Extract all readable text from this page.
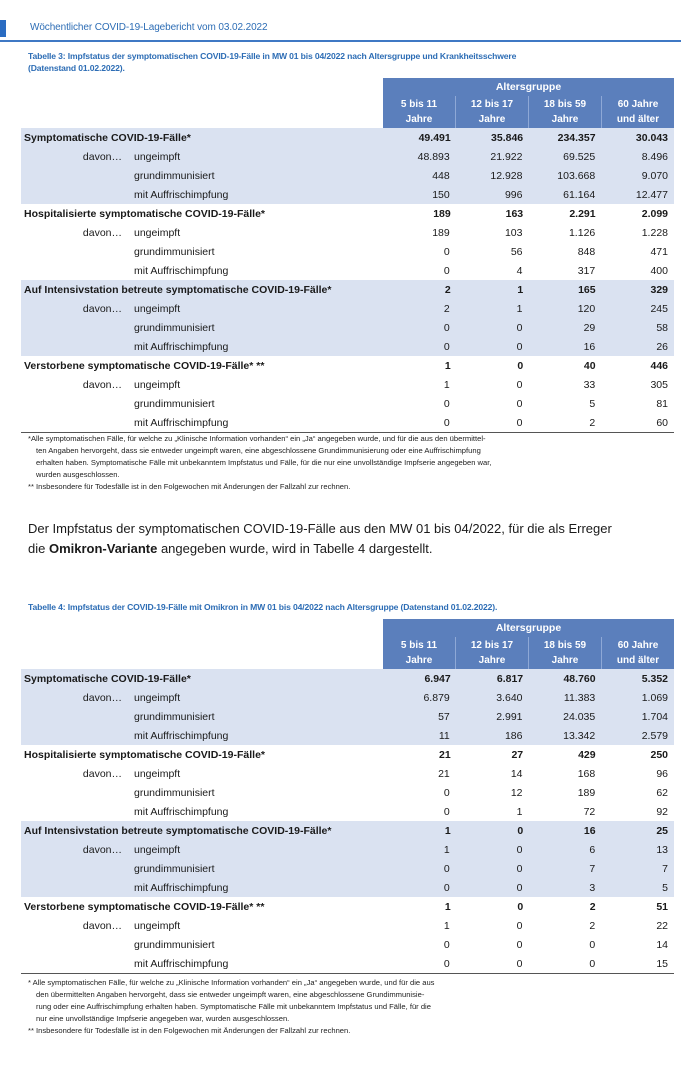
Wöchentlicher COVID-19-Lagebericht vom 03.02.2022
Tabelle 3: Impfstatus der symptomatischen COVID-19-Fälle in MW 01 bis 04/2022 nach Altersgruppe und Krankheitsschwere
(Datenstand 01.02.2022).
Altersgruppe
5 bis 11
Jahre
12 bis 17
Jahre
18 bis 59
Jahre
60 Jahre
und älter
Symptomatische COVID-19-Fälle*	49.491	35.846	234.357	30.043
davon… ungeimpft	48.893	21.922	69.525	8.496
grundimmunisiert	448	12.928	103.668	9.070
mit Auffrischimpfung	150	996	61.164	12.477
Hospitalisierte symptomatische COVID-19-Fälle*	189	163	2.291	2.099
davon… ungeimpft	189	103	1.126	1.228
grundimmunisiert	0	56	848	471
mit Auffrischimpfung	0	4	317	400
Auf Intensivstation betreute symptomatische COVID-19-Fälle*	2	1	165	329
davon… ungeimpft	2	1	120	245
grundimmunisiert	0	0	29	58
mit Auffrischimpfung	0	0	16	26
Verstorbene symptomatische COVID-19-Fälle* **	1	0	40	446
davon… ungeimpft	1	0	33	305
grundimmunisiert	0	0	5	81
mit Auffrischimpfung	0	0	2	60

*Alle symptomatischen Fälle, für welche zu „Klinische Information vorhanden“ ein „Ja“ angegeben wurde, und für die aus den übermittel-

ten Angaben hervorgeht, dass sie entweder ungeimpft waren, eine abgeschlossene Grundimmunisierung oder eine Auffrischimpfung

erhalten haben. Symptomatische Fälle mit unbekanntem Impfstatus und Fälle, für die nur eine unvollständige Impfserie angegeben war,

wurden ausgeschlossen.

** Insbesondere für Todesfälle ist in den Folgewochen mit Änderungen der Fallzahl zur rechnen.

Der Impfstatus der symptomatischen COVID-19-Fälle aus den MW 01 bis 04/2022, für die als Erreger
die Omikron-Variante angegeben wurde, wird in Tabelle 4 dargestellt.
Tabelle 4: Impfstatus der COVID-19-Fälle mit Omikron in MW 01 bis 04/2022 nach Altersgruppe (Datenstand 01.02.2022).
Altersgruppe
5 bis 11
Jahre
12 bis 17
Jahre
18 bis 59
Jahre
60 Jahre
und älter
Symptomatische COVID-19-Fälle*	6.947	6.817	48.760	5.352
davon… ungeimpft	6.879	3.640	11.383	1.069
grundimmunisiert	57	2.991	24.035	1.704
mit Auffrischimpfung	11	186	13.342	2.579
Hospitalisierte symptomatische COVID-19-Fälle*	21	27	429	250
davon… ungeimpft	21	14	168	96
grundimmunisiert	0	12	189	62
mit Auffrischimpfung	0	1	72	92
Auf Intensivstation betreute symptomatische COVID-19-Fälle*	1	0	16	25
davon… ungeimpft	1	0	6	13
grundimmunisiert	0	0	7	7
mit Auffrischimpfung	0	0	3	5
Verstorbene symptomatische COVID-19-Fälle* **	1	0	2	51
davon… ungeimpft	1	0	2	22
grundimmunisiert	0	0	0	14
mit Auffrischimpfung	0	0	0	15

* Alle symptomatischen Fälle, für welche zu „Klinische Information vorhanden“ ein „Ja“ angegeben wurde, und für die aus

den übermittelten Angaben hervorgeht, dass sie entweder ungeimpft waren, eine abgeschlossene Grundimmunisie-

rung oder eine Auffrischimpfung erhalten haben. Symptomatische Fälle mit unbekanntem Impfstatus und Fälle, für die

nur eine unvollständige Impfserie angegeben war, wurden ausgeschlossen.

** Insbesondere für Todesfälle ist in den Folgewochen mit Änderungen der Fallzahl zur rechnen.
